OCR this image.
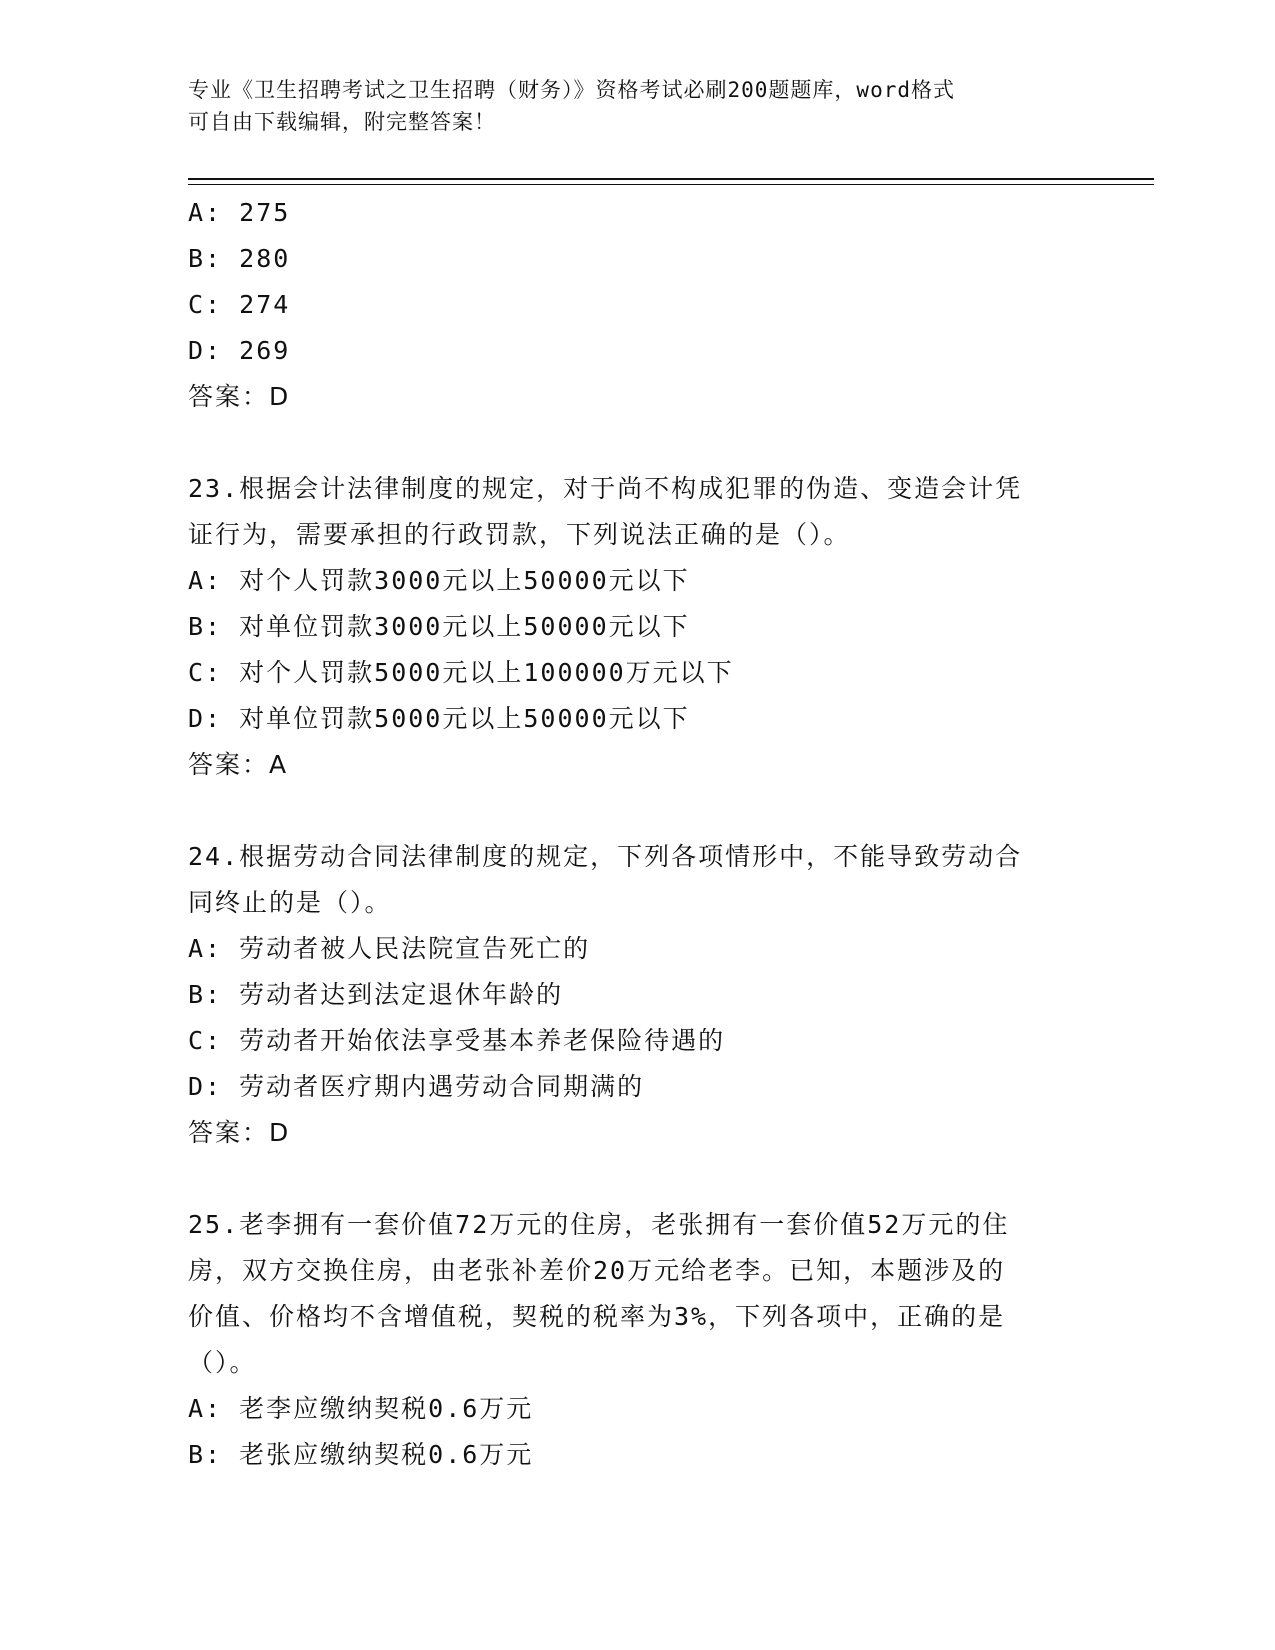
专业《卫生招聘考试之卫生招聘（财务）》资格考试必刷200题题库，word格式
可自由下载编辑，附完整答案！
A: 275
B: 280
C: 274
D: 269
答案：D
23.根据会计法律制度的规定，对于尚不构成犯罪的伪造、变造会计凭
证行为，需要承担的行政罚款，下列说法正确的是（）。
A: 对个人罚款3000元以上50000元以下
B: 对单位罚款3000元以上50000元以下
C: 对个人罚款5000元以上100000万元以下
D: 对单位罚款5000元以上50000元以下
答案：A
24.根据劳动合同法律制度的规定，下列各项情形中，不能导致劳动合
同终止的是（）。
A: 劳动者被人民法院宣告死亡的
B: 劳动者达到法定退休年龄的
C: 劳动者开始依法享受基本养老保险待遇的
D: 劳动者医疗期内遇劳动合同期满的
答案：D
25.老李拥有一套价值72万元的住房，老张拥有一套价值52万元的住
房，双方交换住房，由老张补差价20万元给老李。已知，本题涉及的
价值、价格均不含增值税，契税的税率为3%，下列各项中，正确的是
（）。
A: 老李应缴纳契税0.6万元
B: 老张应缴纳契税0.6万元
